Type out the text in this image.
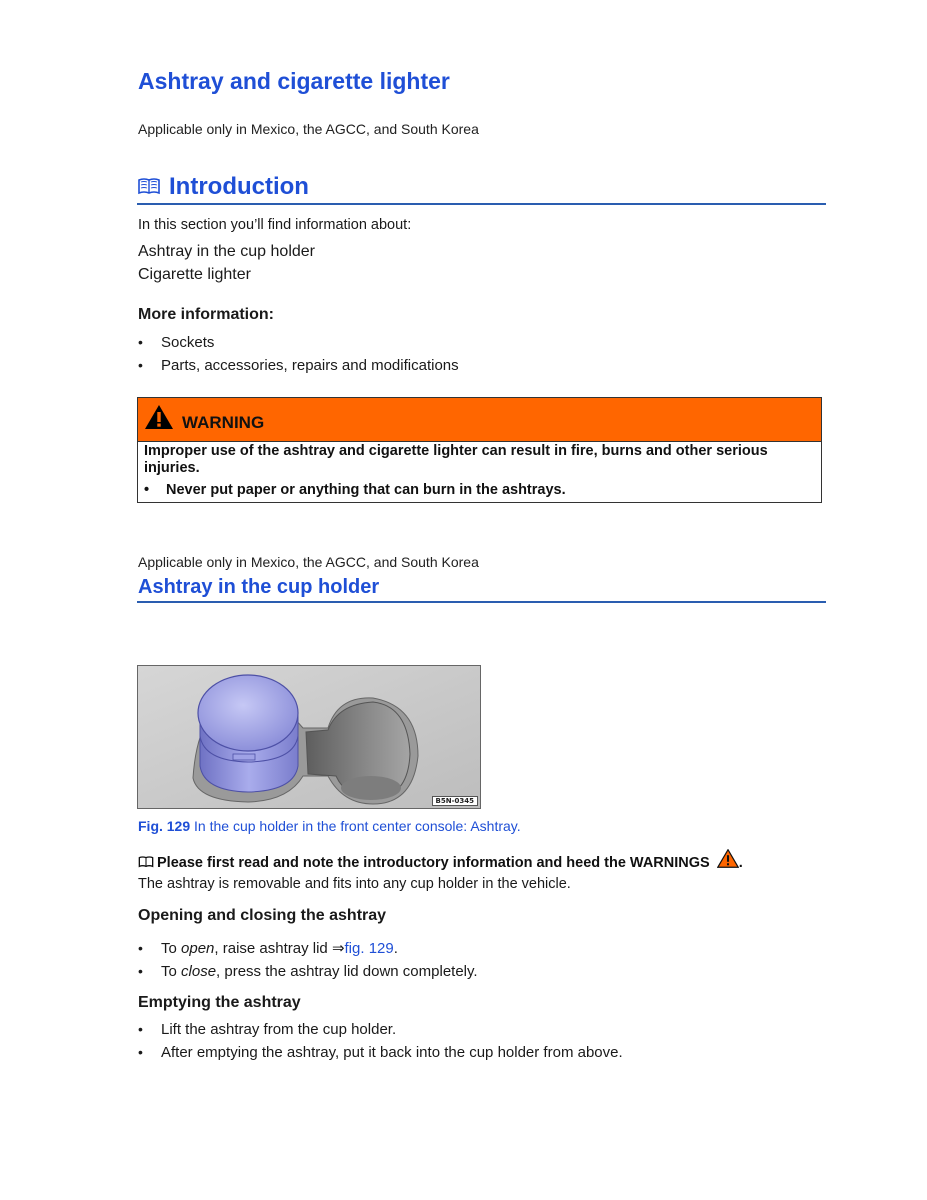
Ashtray and cigarette lighter
Applicable only in Mexico, the AGCC, and South Korea
Introduction
In this section you’ll find information about:
Ashtray in the cup holder
Cigarette lighter
More information:
• Sockets
• Parts, accessories, repairs and modifications
WARNING
Improper use of the ashtray and cigarette lighter can result in fire, burns and other serious injuries.
• Never put paper or anything that can burn in the ashtrays.
Applicable only in Mexico, the AGCC, and South Korea
Ashtray in the cup holder
B5N-0345
Fig. 129 In the cup holder in the front center console: Ashtray.
Please first read and note the introductory information and heed the WARNINGS .
The ashtray is removable and fits into any cup holder in the vehicle.
Opening and closing the ashtray
• To open, raise ashtray lid ⇒fig. 129.
• To close, press the ashtray lid down completely.
Emptying the ashtray
• Lift the ashtray from the cup holder.
• After emptying the ashtray, put it back into the cup holder from above.
